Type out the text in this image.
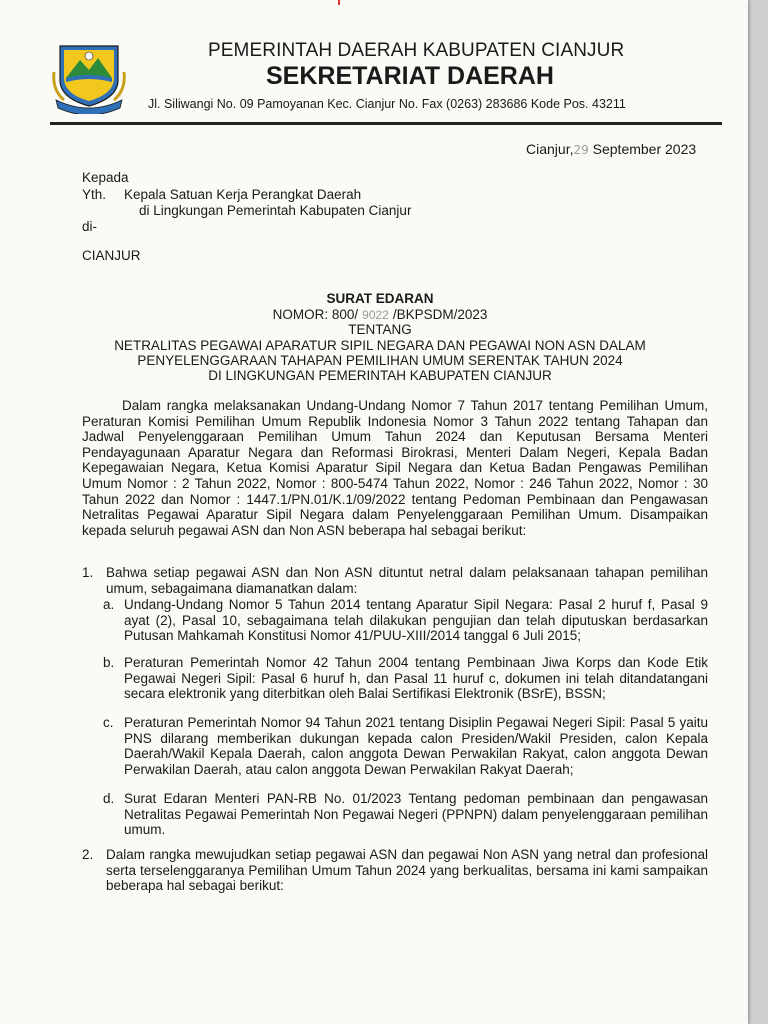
PEMERINTAH DAERAH KABUPATEN CIANJUR
SEKRETARIAT DAERAH
Jl. Siliwangi No. 09 Pamoyanan Kec. Cianjur No. Fax (0263) 283686 Kode Pos. 43211
Cianjur,29 September 2023
Kepada
Yth. Kepala Satuan Kerja Perangkat Daerah
di Lingkungan Pemerintah Kabupaten Cianjur
di-
CIANJUR
SURAT EDARAN
NOMOR: 800/ 9022 /BKPSDM/2023
TENTANG
NETRALITAS PEGAWAI APARATUR SIPIL NEGARA DAN PEGAWAI NON ASN DALAM
PENYELENGGARAAN TAHAPAN PEMILIHAN UMUM SERENTAK TAHUN 2024
DI LINGKUNGAN PEMERINTAH KABUPATEN CIANJUR

Dalam rangka melaksanakan Undang-Undang Nomor 7 Tahun 2017 tentang Pemilihan Umum, Peraturan Komisi Pemilihan Umum Republik Indonesia Nomor 3 Tahun 2022 tentang Tahapan dan Jadwal Penyelenggaraan Pemilihan Umum Tahun 2024 dan Keputusan Bersama Menteri Pendayagunaan Aparatur Negara dan Reformasi Birokrasi, Menteri Dalam Negeri, Kepala Badan Kepegawaian Negara, Ketua Komisi Aparatur Sipil Negara dan Ketua Badan Pengawas Pemilihan Umum Nomor : 2 Tahun 2022, Nomor : 800-5474 Tahun 2022, Nomor : 246 Tahun 2022, Nomor : 30 Tahun 2022 dan Nomor : 1447.1/PN.01/K.1/09/2022 tentang Pedoman Pembinaan dan Pengawasan Netralitas Pegawai Aparatur Sipil Negara dalam Penyelenggaraan Pemilihan Umum. Disampaikan kepada seluruh pegawai ASN dan Non ASN beberapa hal sebagai berikut:

1. Bahwa setiap pegawai ASN dan Non ASN dituntut netral dalam pelaksanaan tahapan pemilihan umum, sebagaimana diamanatkan dalam:

a. Undang-Undang Nomor 5 Tahun 2014 tentang Aparatur Sipil Negara: Pasal 2 huruf f, Pasal 9 ayat (2), Pasal 10, sebagaimana telah dilakukan pengujian dan telah diputuskan berdasarkan Putusan Mahkamah Konstitusi Nomor 41/PUU-XIII/2014 tanggal 6 Juli 2015;

b. Peraturan Pemerintah Nomor 42 Tahun 2004 tentang Pembinaan Jiwa Korps dan Kode Etik Pegawai Negeri Sipil: Pasal 6 huruf h, dan Pasal 11 huruf c, dokumen ini telah ditandatangani secara elektronik yang diterbitkan oleh Balai Sertifikasi Elektronik (BSrE), BSSN;

c. Peraturan Pemerintah Nomor 94 Tahun 2021 tentang Disiplin Pegawai Negeri Sipil: Pasal 5 yaitu PNS dilarang memberikan dukungan kepada calon Presiden/Wakil Presiden, calon Kepala Daerah/Wakil Kepala Daerah, calon anggota Dewan Perwakilan Rakyat, calon anggota Dewan Perwakilan Daerah, atau calon anggota Dewan Perwakilan Rakyat Daerah;

d. Surat Edaran Menteri PAN-RB No. 01/2023 Tentang pedoman pembinaan dan pengawasan Netralitas Pegawai Pemerintah Non Pegawai Negeri (PPNPN) dalam penyelenggaraan pemilihan umum.

2. Dalam rangka mewujudkan setiap pegawai ASN dan pegawai Non ASN yang netral dan profesional serta terselenggaranya Pemilihan Umum Tahun 2024 yang berkualitas, bersama ini kami sampaikan beberapa hal sebagai berikut:
